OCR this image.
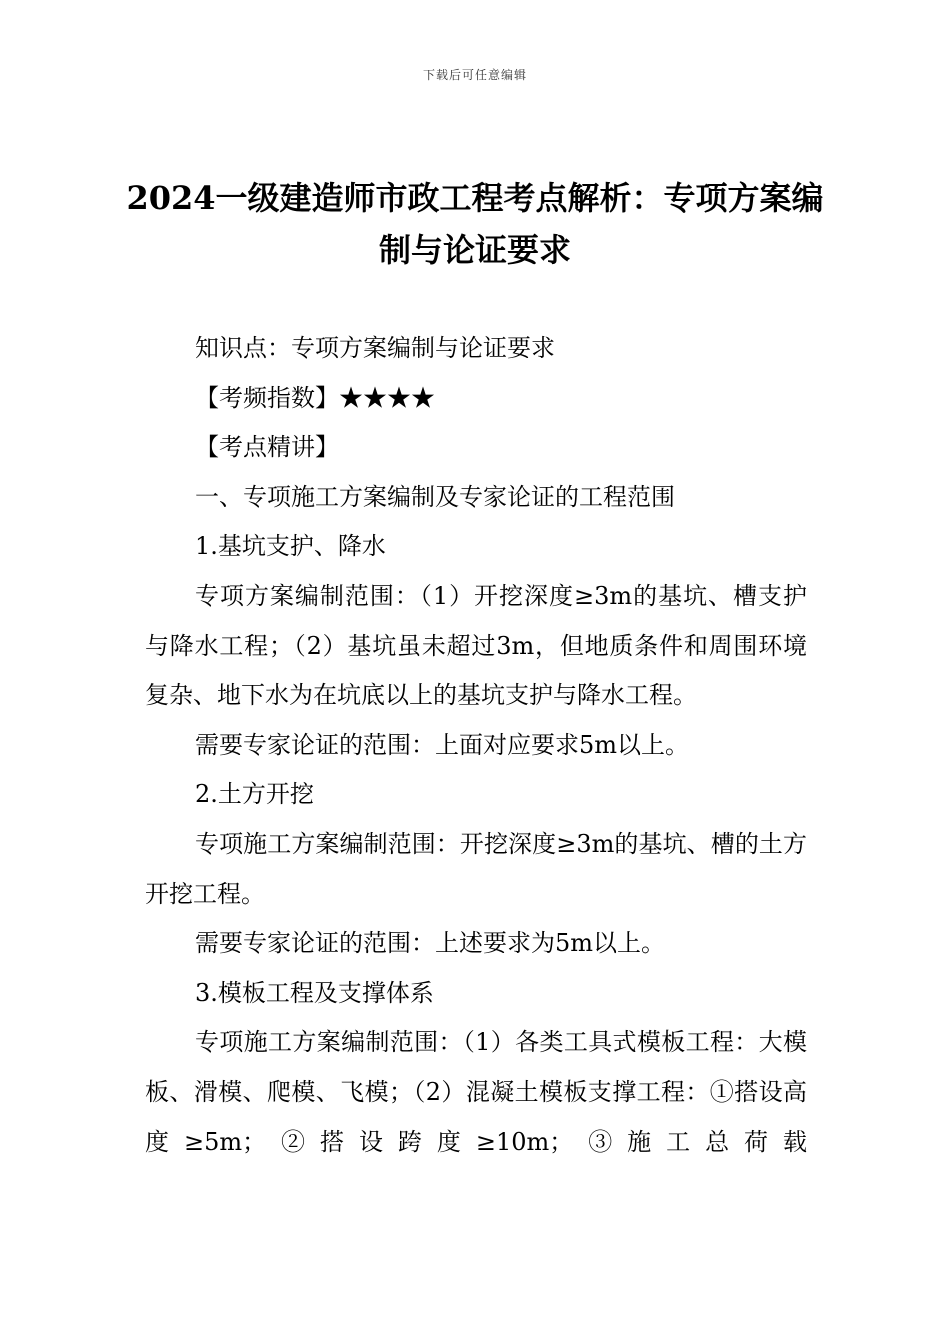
下载后可任意编辑
2024一级建造师市政工程考点解析：专项方案编制与论证要求

知识点：专项方案编制与论证要求

【考频指数】★★★★

【考点精讲】

一、专项施工方案编制及专家论证的工程范围

1.基坑支护、降水

专项方案编制范围：（1）开挖深度≥3m的基坑、槽支护与降水工程；（2）基坑虽未超过3m，但地质条件和周围环境复杂、地下水为在坑底以上的基坑支护与降水工程。

需要专家论证的范围：上面对应要求5m以上。

2.土方开挖

专项施工方案编制范围：开挖深度≥3m的基坑、槽的土方开挖工程。

需要专家论证的范围：上述要求为5m以上。

3.模板工程及支撑体系

专项施工方案编制范围：（1）各类工具式模板工程：大模板、滑模、爬模、飞模；（2）混凝土模板支撑工程：①搭设高度≥5m；②搭设跨度≥10m；③施工总荷载
